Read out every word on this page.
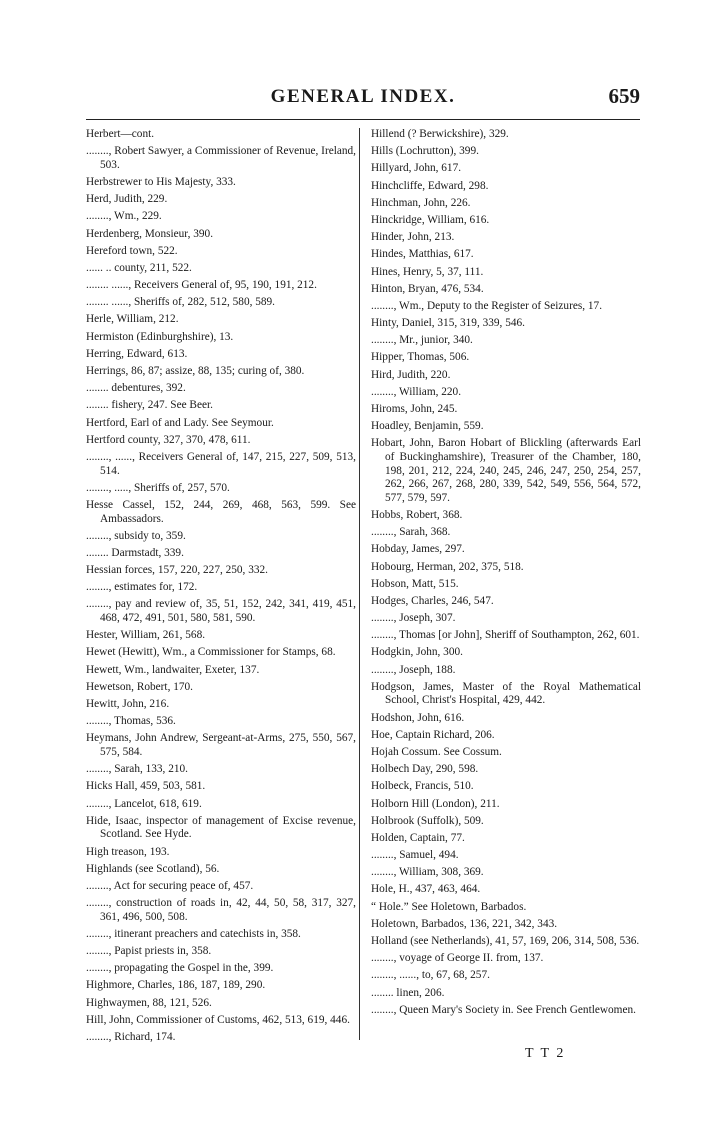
GENERAL INDEX.	659
Herbert—cont.
........, Robert Sawyer, a Commissioner of Revenue, Ireland, 503.
Herbstrewer to His Majesty, 333.
Herd, Judith, 229.
........, Wm., 229.
Herdenberg, Monsieur, 390.
Hereford town, 522.
...... .. county, 211, 522.
........ ......, Receivers General of, 95, 190, 191, 212.
........ ......, Sheriffs of, 282, 512, 580, 589.
Herle, William, 212.
Hermiston (Edinburghshire), 13.
Herring, Edward, 613.
Herrings, 86, 87; assize, 88, 135; curing of, 380.
........ debentures, 392.
........ fishery, 247. See Beer.
Hertford, Earl of and Lady. See Seymour.
Hertford county, 327, 370, 478, 611.
........, ......, Receivers General of, 147, 215, 227, 509, 513, 514.
........, ....., Sheriffs of, 257, 570.
Hesse Cassel, 152, 244, 269, 468, 563, 599. See Ambassadors.
........, subsidy to, 359.
........ Darmstadt, 339.
Hessian forces, 157, 220, 227, 250, 332.
........, estimates for, 172.
........, pay and review of, 35, 51, 152, 242, 341, 419, 451, 468, 472, 491, 501, 580, 581, 590.
Hester, William, 261, 568.
Hewet (Hewitt), Wm., a Commissioner for Stamps, 68.
Hewett, Wm., landwaiter, Exeter, 137.
Hewetson, Robert, 170.
Hewitt, John, 216.
........, Thomas, 536.
Heymans, John Andrew, Sergeant-at-Arms, 275, 550, 567, 575, 584.
........, Sarah, 133, 210.
Hicks Hall, 459, 503, 581.
........, Lancelot, 618, 619.
Hide, Isaac, inspector of management of Excise revenue, Scotland. See Hyde.
High treason, 193.
Highlands (see Scotland), 56.
........, Act for securing peace of, 457.
........, construction of roads in, 42, 44, 50, 58, 317, 327, 361, 496, 500, 508.
........, itinerant preachers and catechists in, 358.
........, Papist priests in, 358.
........, propagating the Gospel in the, 399.
Highmore, Charles, 186, 187, 189, 290.
Highwaymen, 88, 121, 526.
Hill, John, Commissioner of Customs, 462, 513, 619, 446.
........, Richard, 174.
Hillend (? Berwickshire), 329.
Hills (Lochrutton), 399.
Hillyard, John, 617.
Hinchcliffe, Edward, 298.
Hinchman, John, 226.
Hinckridge, William, 616.
Hinder, John, 213.
Hindes, Matthias, 617.
Hines, Henry, 5, 37, 111.
Hinton, Bryan, 476, 534.
........, Wm., Deputy to the Register of Seizures, 17.
Hinty, Daniel, 315, 319, 339, 546.
........, Mr., junior, 340.
Hipper, Thomas, 506.
Hird, Judith, 220.
........, William, 220.
Hiroms, John, 245.
Hoadley, Benjamin, 559.
Hobart, John, Baron Hobart of Blickling (afterwards Earl of Buckinghamshire), Treasurer of the Chamber, 180, 198, 201, 212, 224, 240, 245, 246, 247, 250, 254, 257, 262, 266, 267, 268, 280, 339, 542, 549, 556, 564, 572, 577, 579, 597.
Hobbs, Robert, 368.
........, Sarah, 368.
Hobday, James, 297.
Hobourg, Herman, 202, 375, 518.
Hobson, Matt, 515.
Hodges, Charles, 246, 547.
........, Joseph, 307.
........, Thomas [or John], Sheriff of Southampton, 262, 601.
Hodgkin, John, 300.
........, Joseph, 188.
Hodgson, James, Master of the Royal Mathematical School, Christ's Hospital, 429, 442.
Hodshon, John, 616.
Hoe, Captain Richard, 206.
Hojah Cossum. See Cossum.
Holbech Day, 290, 598.
Holbeck, Francis, 510.
Holborn Hill (London), 211.
Holbrook (Suffolk), 509.
Holden, Captain, 77.
........, Samuel, 494.
........, William, 308, 369.
Hole, H., 437, 463, 464.
“ Hole.” See Holetown, Barbados.
Holetown, Barbados, 136, 221, 342, 343.
Holland (see Netherlands), 41, 57, 169, 206, 314, 508, 536.
........, voyage of George II. from, 137.
........, ......, to, 67, 68, 257.
........ linen, 206.
........, Queen Mary's Society in. See French Gentlewomen.
T T 2
